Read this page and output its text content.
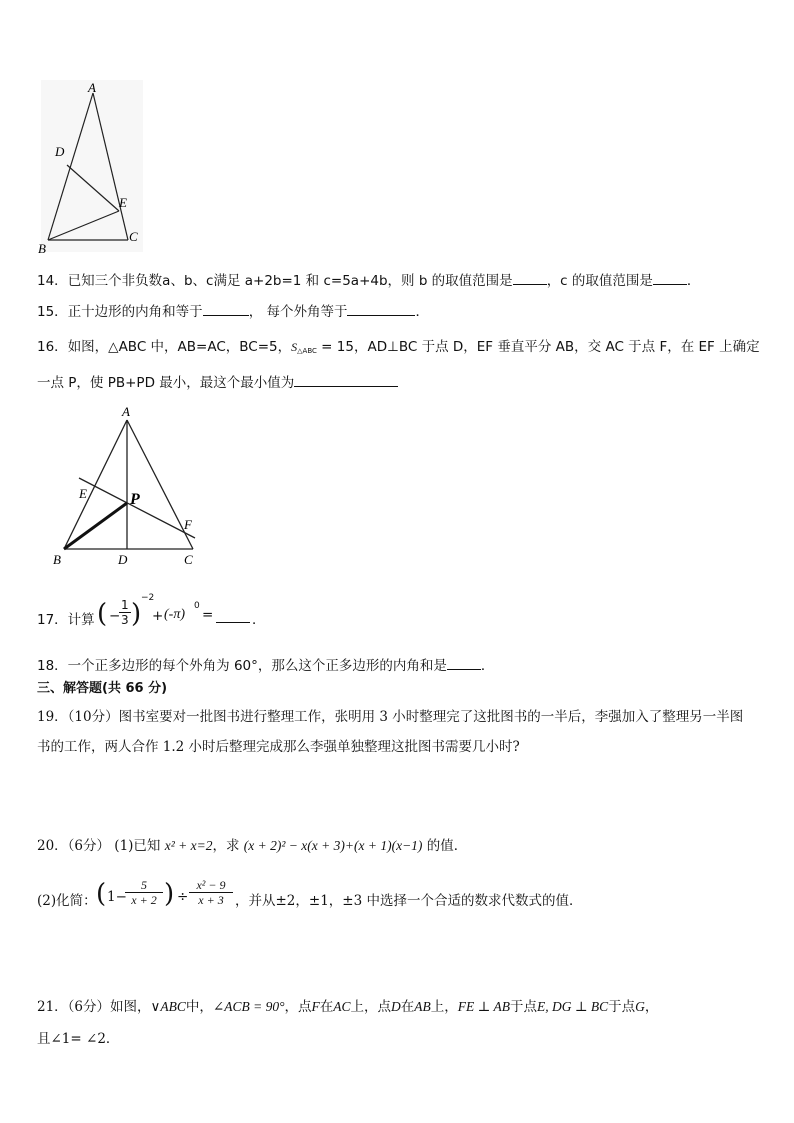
A
D
E
B
C
14．已知三个非负数a、b、c满足 a+2b=1 和 c=5a+4b，则 b 的取值范围是	，c 的取值范围是	．
15．正十边形的内角和等于	， 每个外角等于	．
16．如图，△ABC 中，AB=AC，BC=5，S△ABC = 15，AD⊥BC 于点 D，EF 垂直平分 AB，交 AC 于点 F，在 EF 上确定
一点 P，使 PB+PD 最小，最这个最小值为
A
E	P
F
B	D	C
17．计算 ( −
$\frac{1}{3}$ )
−2
+ (-π)
0
=	．
18．一个正多边形的每个外角为 60°，那么这个正多边形的内角和是	．
三、解答题(共 66 分)
19．（10分）图书室要对一批图书进行整理工作，张明用 3 小时整理完了这批图书的一半后，李强加入了整理另一半图
书的工作，两人合作 1.2 小时后整理完成那么李强单独整理这批图书需要几小时?
20．（6分） (1)已知 x² + x=2，求 (x + 2)² − x(x + 3)+(x + 1)(x−1) 的值．
(2)化简： ( 1−
$\frac{5}{x + 2}$ ) ÷ $\frac{\text{x² − 9}}{x + 3}$ ，并从±2，±1，±3 中选择一个合适的数求代数式的值．
21．（6分）如图，∨ABC中，∠ACB = 90°，点F在AC上，点D在AB上，FE ⊥ AB于点E, DG ⊥ BC于点G，
且∠1= ∠2．
